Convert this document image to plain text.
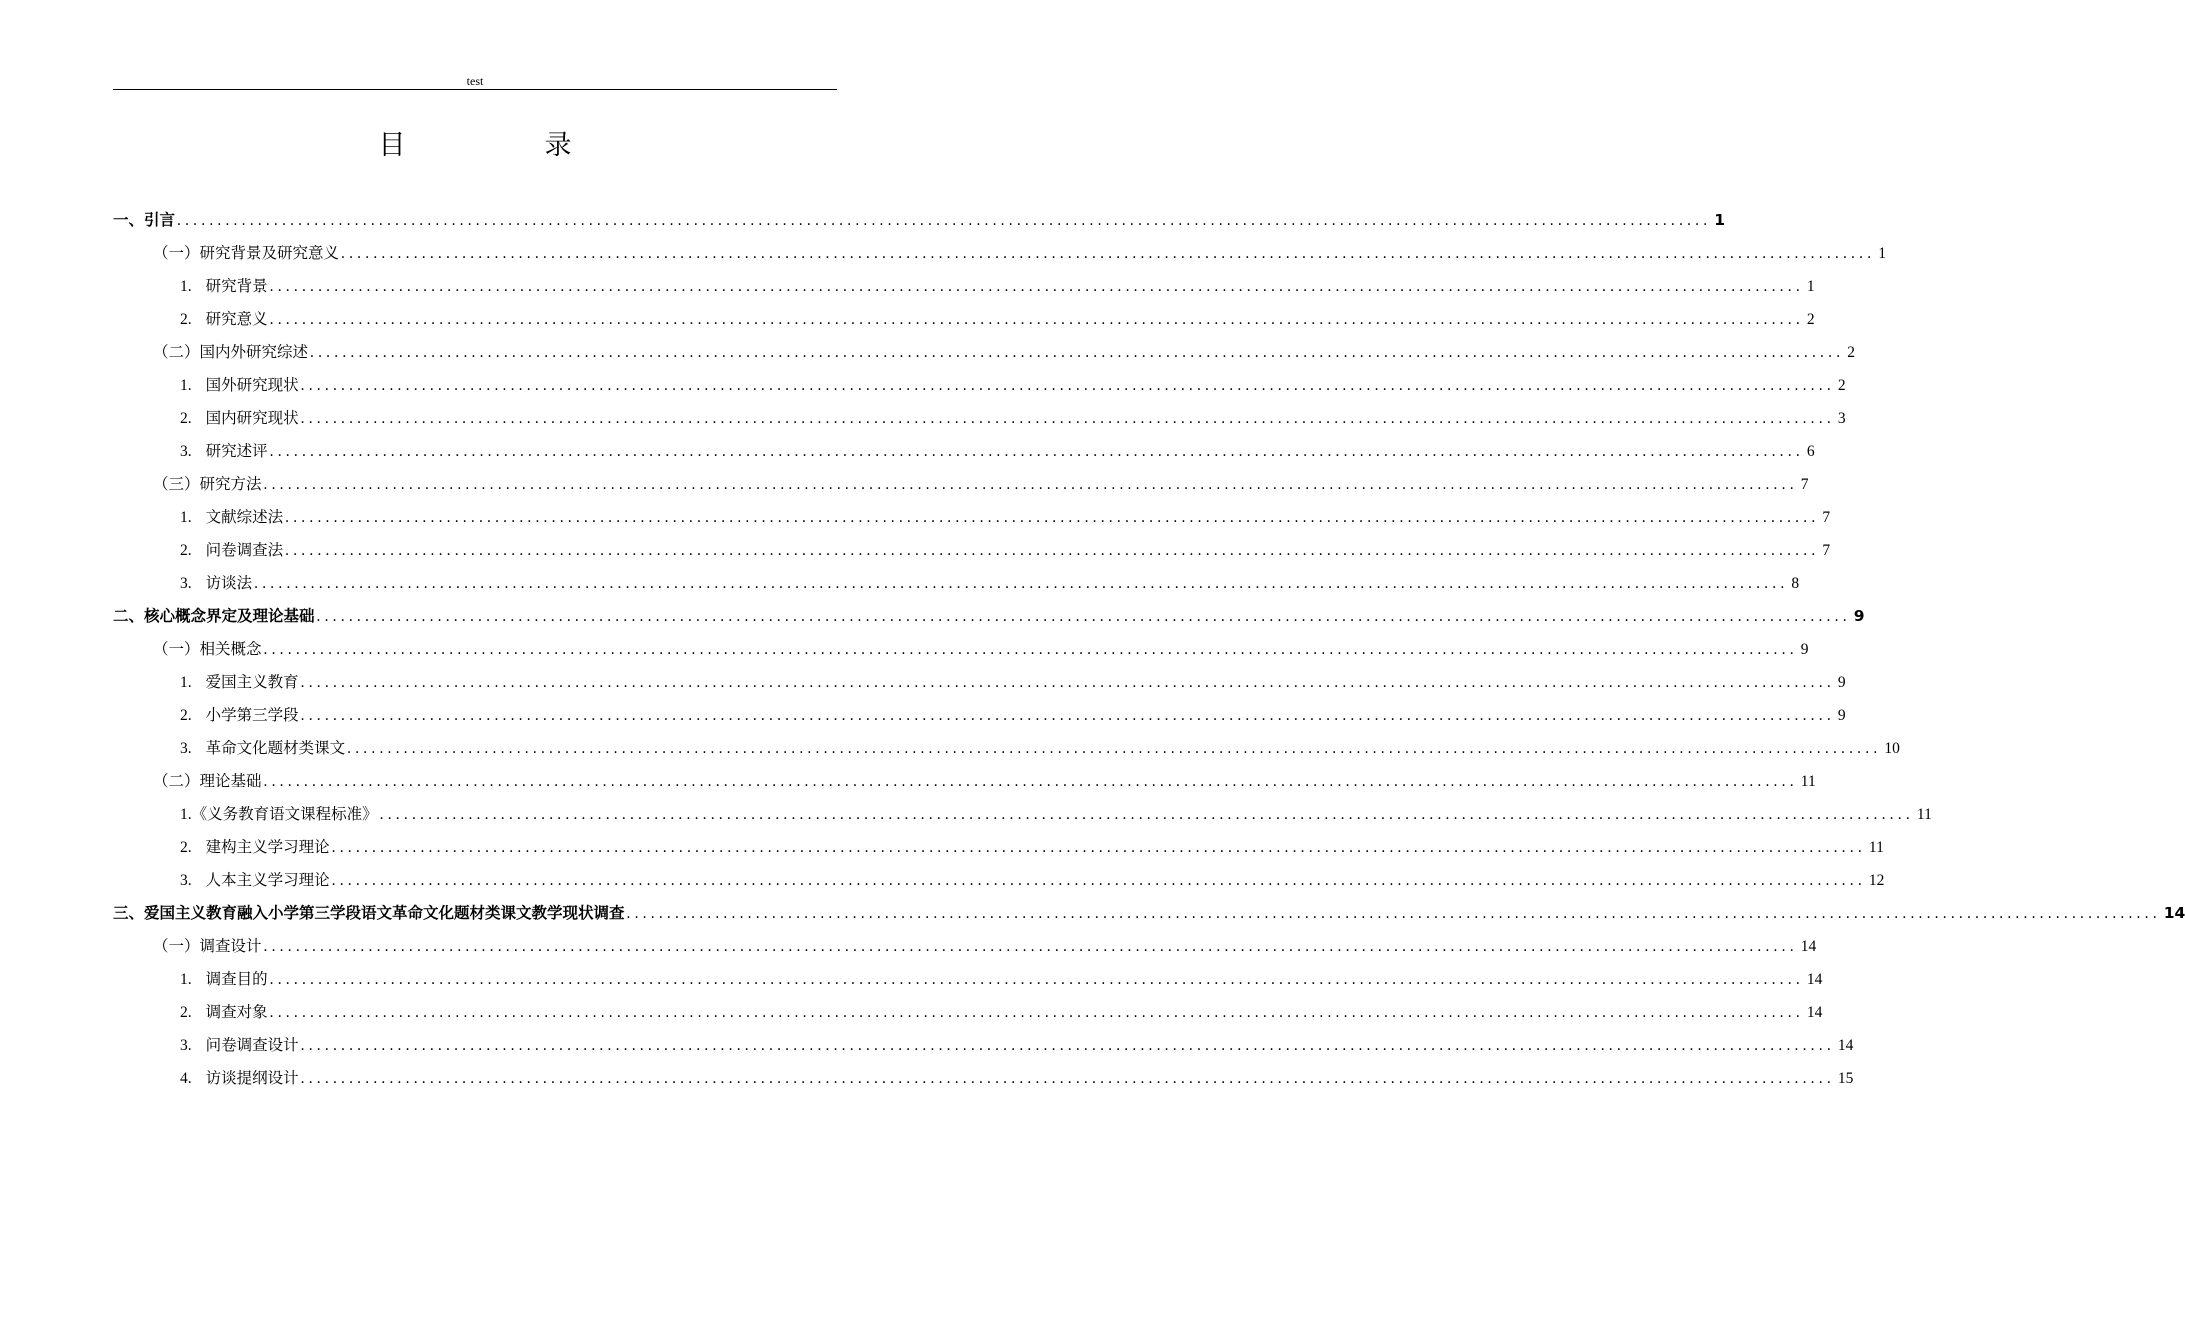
test
目　录
一、引言 .............................................................................................................................................................................................. 1
（一）研究背景及研究意义 .............................................................................................................................................................................................. 1
1. 研究背景 .............................................................................................................................................................................................. 1
2. 研究意义 .............................................................................................................................................................................................. 2
（二）国内外研究综述 .............................................................................................................................................................................................. 2
1. 国外研究现状 .............................................................................................................................................................................................. 2
2. 国内研究现状 .............................................................................................................................................................................................. 3
3. 研究述评 .............................................................................................................................................................................................. 6
（三）研究方法 .............................................................................................................................................................................................. 7
1. 文献综述法 .............................................................................................................................................................................................. 7
2. 问卷调查法 .............................................................................................................................................................................................. 7
3. 访谈法 .............................................................................................................................................................................................. 8
二、核心概念界定及理论基础 .............................................................................................................................................................................................. 9
（一）相关概念 .............................................................................................................................................................................................. 9
1. 爱国主义教育 .............................................................................................................................................................................................. 9
2. 小学第三学段 .............................................................................................................................................................................................. 9
3. 革命文化题材类课文 .............................................................................................................................................................................................. 10
（二）理论基础 .............................................................................................................................................................................................. 11
1.《义务教育语文课程标准》 .............................................................................................................................................................................................. 11
2. 建构主义学习理论 .............................................................................................................................................................................................. 11
3. 人本主义学习理论 .............................................................................................................................................................................................. 12
三、爱国主义教育融入小学第三学段语文革命文化题材类课文教学现状调查 .............................................................................................................................................................................................. 14
（一）调查设计 .............................................................................................................................................................................................. 14
1. 调查目的 .............................................................................................................................................................................................. 14
2. 调查对象 .............................................................................................................................................................................................. 14
3. 问卷调查设计 .............................................................................................................................................................................................. 14
4. 访谈提纲设计 .............................................................................................................................................................................................. 15
